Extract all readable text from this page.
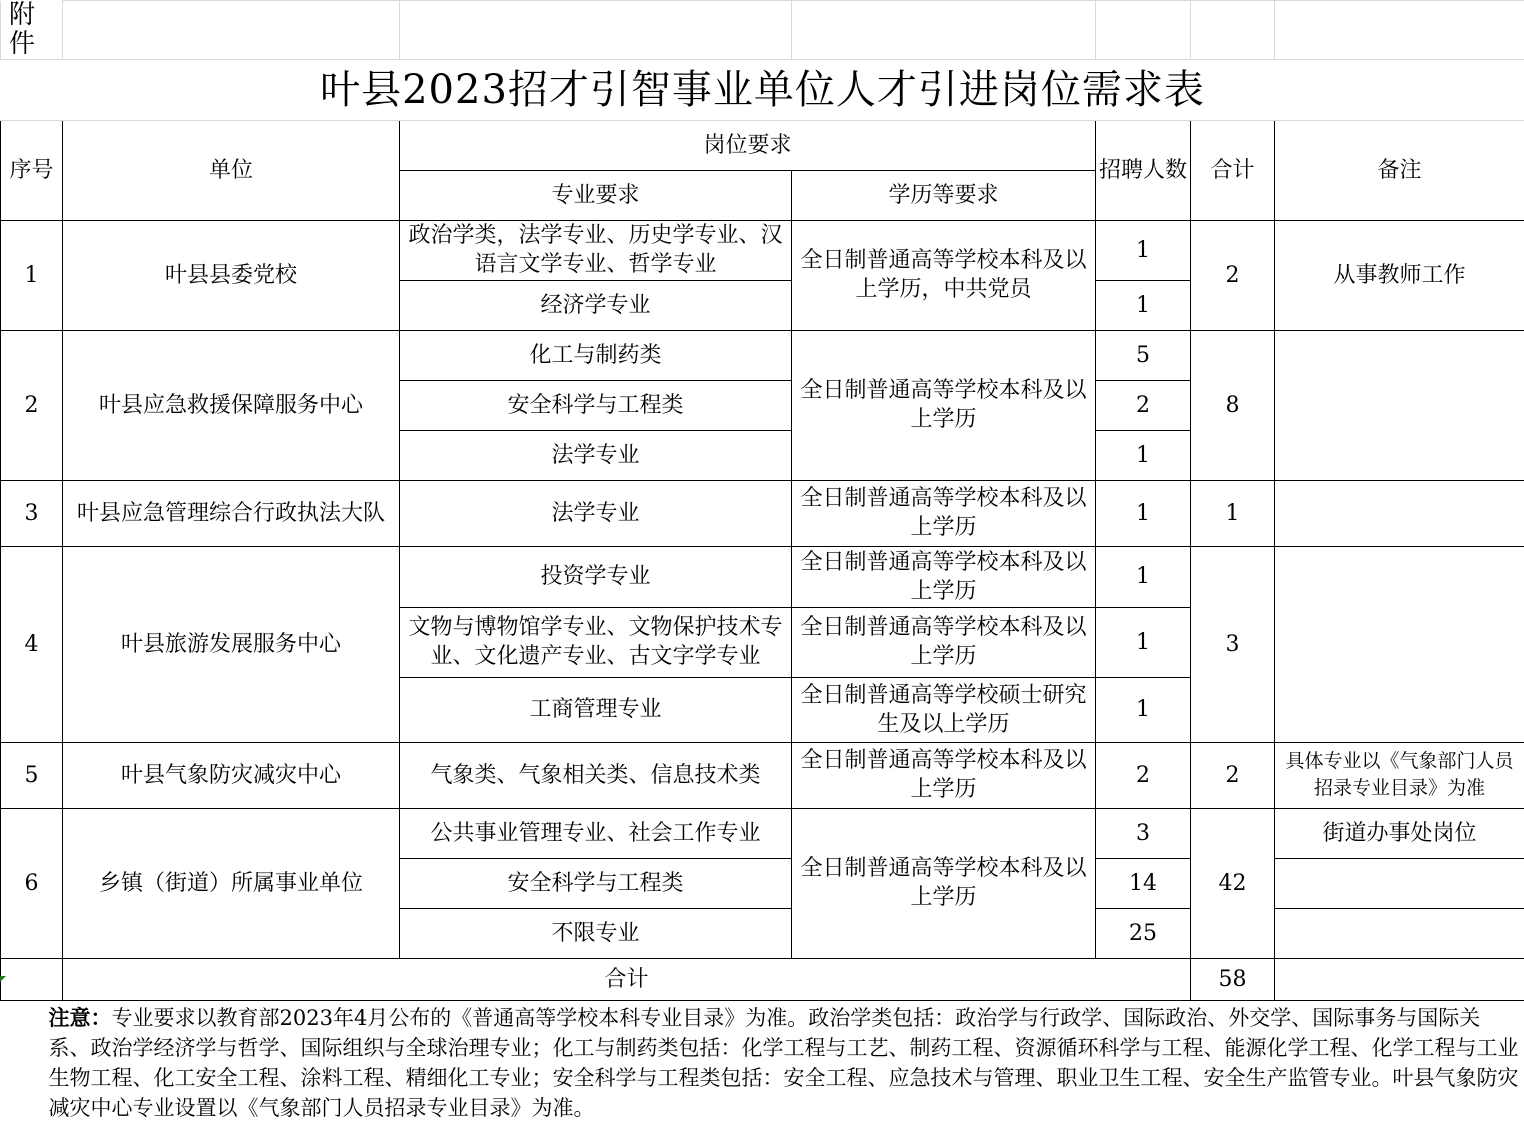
附件						
叶县2023招才引智事业单位人才引进岗位需求表						
序号	单位	岗位要求		招聘人数	合计	备注
		专业要求	学历等要求			
1	叶县县委党校	政治学类，法学专业、历史学专业、汉语言文学专业、哲学专业	全日制普通高等学校本科及以上学历，中共党员	1	2	从事教师工作
		经济学专业		1		
2	叶县应急救援保障服务中心	化工与制药类	全日制普通高等学校本科及以上学历	5	8	
		安全科学与工程类		2		
		法学专业		1		
3	叶县应急管理综合行政执法大队	法学专业	全日制普通高等学校本科及以上学历	1	1	
4	叶县旅游发展服务中心	投资学专业	全日制普通高等学校本科及以上学历	1	3	
		文物与博物馆学专业、文物保护技术专业、文化遗产专业、古文字学专业	全日制普通高等学校本科及以上学历	1		
		工商管理专业	全日制普通高等学校硕士研究生及以上学历	1		
5	叶县气象防灾减灾中心	气象类、气象相关类、信息技术类	全日制普通高等学校本科及以上学历	2	2	具体专业以《气象部门人员招录专业目录》为准
6	乡镇（街道）所属事业单位	公共事业管理专业、社会工作专业	全日制普通高等学校本科及以上学历	3	42	街道办事处岗位
		安全科学与工程类		14		
		不限专业		25		
	合计				58	

注意：专业要求以教育部2023年4月公布的《普通高等学校本科专业目录》为准。政治学类包括：政治学与行政学、国际政治、外交学、国际事务与国际关系、政治学经济学与哲学、国际组织与全球治理专业；化工与制药类包括：化学工程与工艺、制药工程、资源循环科学与工程、能源化学工程、化学工程与工业生物工程、化工安全工程、涂料工程、精细化工专业；安全科学与工程类包括：安全工程、应急技术与管理、职业卫生工程、安全生产监管专业。叶县气象防灾减灾中心专业设置以《气象部门人员招录专业目录》为准。						
